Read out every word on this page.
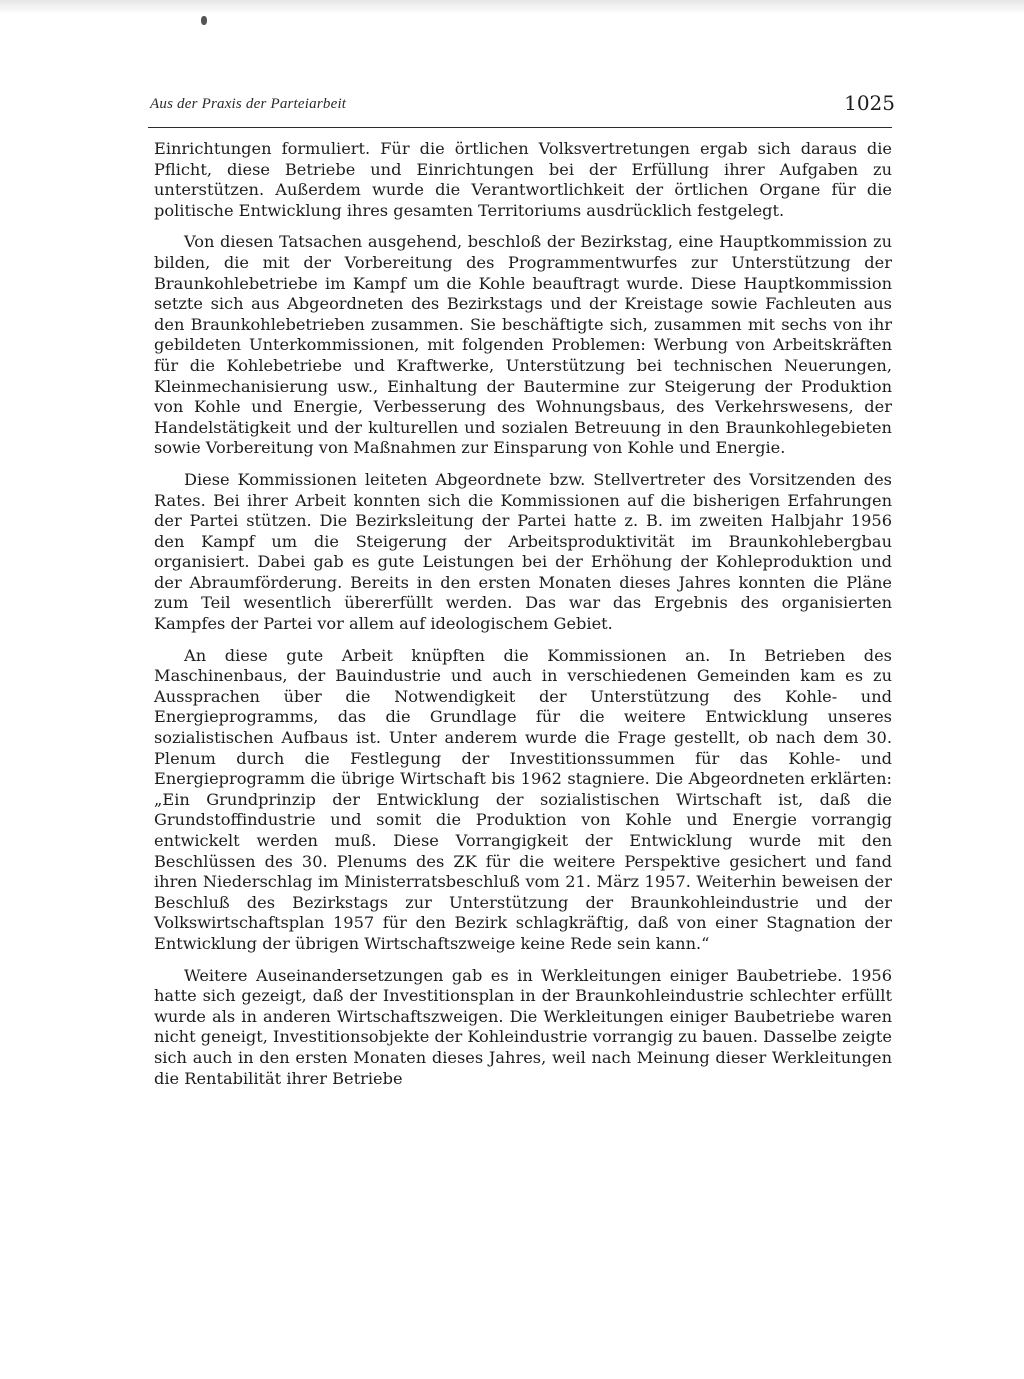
Aus der Praxis der Parteiarbeit	1025

Einrichtungen formuliert. Für die örtlichen Volksvertretungen ergab sich daraus die Pflicht, diese Betriebe und Einrichtungen bei der Erfüllung ihrer Aufgaben zu unterstützen. Außerdem wurde die Verantwortlichkeit der örtlichen Organe für die politische Entwicklung ihres gesamten Territoriums ausdrücklich festgelegt.

Von diesen Tatsachen ausgehend, beschloß der Bezirkstag, eine Hauptkommission zu bilden, die mit der Vorbereitung des Programmentwurfes zur Unterstützung der Braunkohlebetriebe im Kampf um die Kohle beauftragt wurde. Diese Hauptkommission setzte sich aus Abgeordneten des Bezirkstags und der Kreistage sowie Fachleuten aus den Braunkohlebetrieben zusammen. Sie beschäftigte sich, zusammen mit sechs von ihr gebildeten Unterkommissionen, mit folgenden Problemen: Werbung von Arbeitskräften für die Kohlebetriebe und Kraftwerke, Unterstützung bei technischen Neuerungen, Kleinmechanisierung usw., Einhaltung der Bautermine zur Steigerung der Produktion von Kohle und Energie, Verbesserung des Wohnungsbaus, des Verkehrswesens, der Handelstätigkeit und der kulturellen und sozialen Betreuung in den Braunkohlegebieten sowie Vorbereitung von Maßnahmen zur Einsparung von Kohle und Energie.

Diese Kommissionen leiteten Abgeordnete bzw. Stellvertreter des Vorsitzenden des Rates. Bei ihrer Arbeit konnten sich die Kommissionen auf die bisherigen Erfahrungen der Partei stützen. Die Bezirksleitung der Partei hatte z. B. im zweiten Halbjahr 1956 den Kampf um die Steigerung der Arbeitsproduktivität im Braunkohlebergbau organisiert. Dabei gab es gute Leistungen bei der Erhöhung der Kohleproduktion und der Abraumförderung. Bereits in den ersten Monaten dieses Jahres konnten die Pläne zum Teil wesentlich übererfüllt werden. Das war das Ergebnis des organisierten Kampfes der Partei vor allem auf ideologischem Gebiet.

An diese gute Arbeit knüpften die Kommissionen an. In Betrieben des Maschinenbaus, der Bauindustrie und auch in verschiedenen Gemeinden kam es zu Aussprachen über die Notwendigkeit der Unterstützung des Kohle- und Energieprogramms, das die Grundlage für die weitere Entwicklung unseres sozialistischen Aufbaus ist. Unter anderem wurde die Frage gestellt, ob nach dem 30. Plenum durch die Festlegung der Investitionssummen für das Kohle- und Energieprogramm die übrige Wirtschaft bis 1962 stagniere. Die Abgeordneten erklärten: „Ein Grundprinzip der Entwicklung der sozialistischen Wirtschaft ist, daß die Grundstoffindustrie und somit die Produktion von Kohle und Energie vorrangig entwickelt werden muß. Diese Vorrangigkeit der Entwicklung wurde mit den Beschlüssen des 30. Plenums des ZK für die weitere Perspektive gesichert und fand ihren Niederschlag im Ministerratsbeschluß vom 21. März 1957. Weiterhin beweisen der Beschluß des Bezirkstags zur Unterstützung der Braunkohleindustrie und der Volkswirtschaftsplan 1957 für den Bezirk schlagkräftig, daß von einer Stagnation der Entwicklung der übrigen Wirtschaftszweige keine Rede sein kann.“

Weitere Auseinandersetzungen gab es in Werkleitungen einiger Baubetriebe. 1956 hatte sich gezeigt, daß der Investitionsplan in der Braunkohleindustrie schlechter erfüllt wurde als in anderen Wirtschaftszweigen. Die Werkleitungen einiger Baubetriebe waren nicht geneigt, Investitionsobjekte der Kohleindustrie vorrangig zu bauen. Dasselbe zeigte sich auch in den ersten Monaten dieses Jahres, weil nach Meinung dieser Werkleitungen die Rentabilität ihrer Betriebe
